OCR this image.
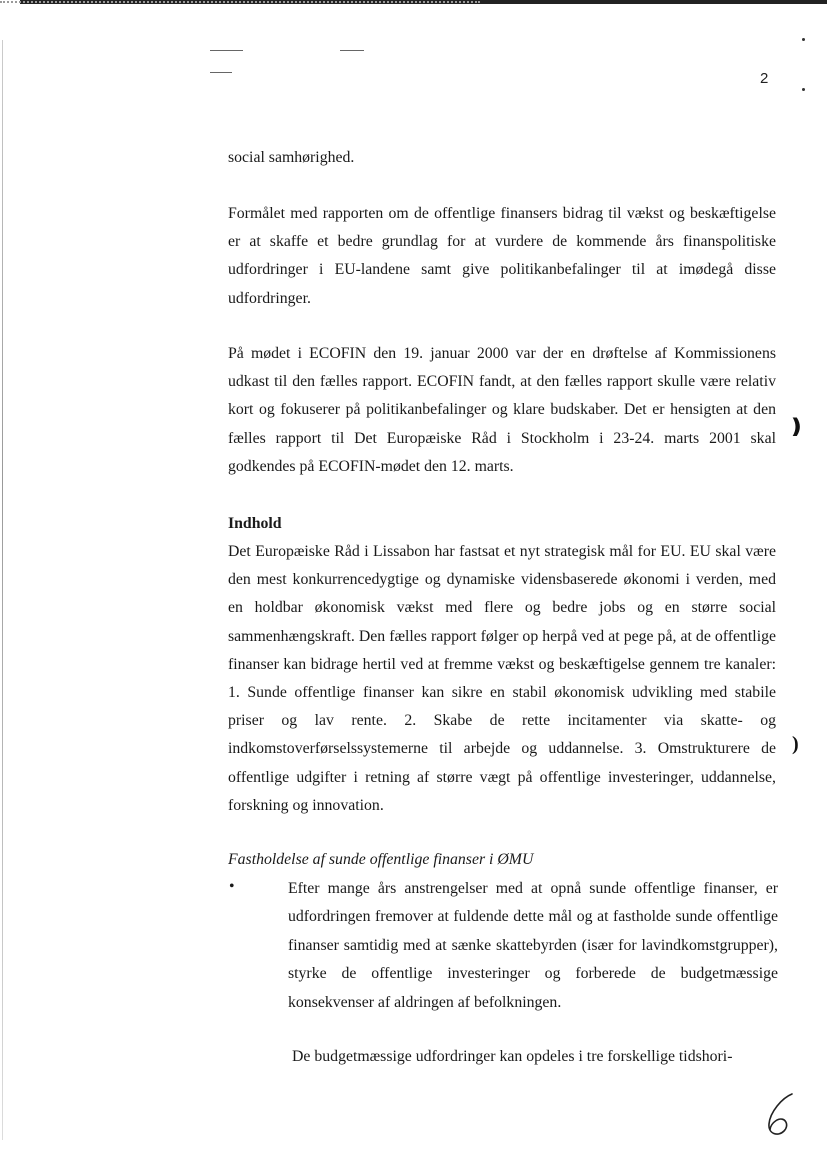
2

social samhørighed.

Formålet med rapporten om de offentlige finansers bidrag til vækst og beskæftigelse er at skaffe et bedre grundlag for at vurdere de kommende års finanspolitiske udfordringer i EU-landene samt give politikanbefalinger til at imødegå disse udfordringer.

På mødet i ECOFIN den 19. januar 2000 var der en drøftelse af Kommissionens udkast til den fælles rapport. ECOFIN fandt, at den fælles rapport skulle være relativ kort og fokuserer på politikanbefalinger og klare budskaber. Det er hensigten at den fælles rapport til Det Europæiske Råd i Stockholm i 23-24. marts 2001 skal godkendes på ECOFIN-mødet den 12. marts.

❫
Indhold

Det Europæiske Råd i Lissabon har fastsat et nyt strategisk mål for EU. EU skal være den mest konkurrencedygtige og dynamiske vidensbaserede økonomi i verden, med en holdbar økonomisk vækst med flere og bedre jobs og en større social sammenhængskraft. Den fælles rapport følger op herpå ved at pege på, at de offentlige finanser kan bidrage hertil ved at fremme vækst og beskæftigelse gennem tre kanaler: 1. Sunde offentlige finanser kan sikre en stabil økonomisk udvikling med stabile priser og lav rente. 2. Skabe de rette incitamenter via skatte- og indkomstoverførselssystemerne til arbejde og uddannelse. 3. Omstrukturere de offentlige udgifter i retning af større vægt på offentlige investeringer, uddannelse, forskning og innovation.

)
Fastholdelse af sunde offentlige finanser i ØMU
•	Efter mange års anstrengelser med at opnå sunde offentlige finanser, er udfordringen fremover at fuldende dette mål og at fastholde sunde offentlige finanser samtidig med at sænke skattebyrden (især for lavindkomstgrupper), styrke de offentlige investeringer og forberede de budgetmæssige konsekvenser af aldringen af befolkningen.
De budgetmæssige udfordringer kan opdeles i tre forskellige tidshori-
